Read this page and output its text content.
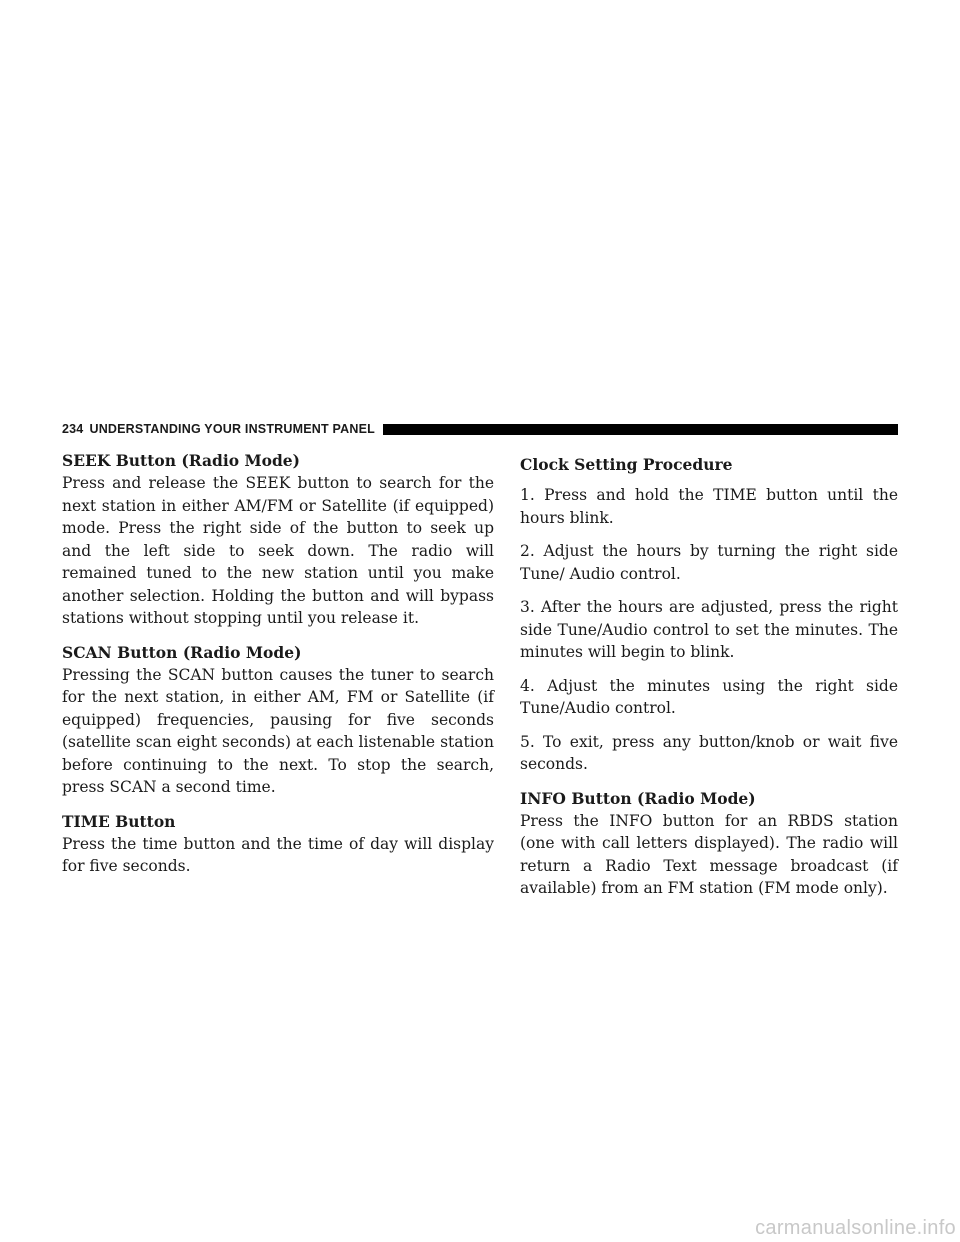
234 UNDERSTANDING YOUR INSTRUMENT PANEL
SEEK Button (Radio Mode)

Press and release the SEEK button to search for the next station in either AM/FM or Satellite (if equipped) mode. Press the right side of the button to seek up and the left side to seek down. The radio will remained tuned to the new station until you make another selection. Holding the button and will bypass stations without stopping until you release it.

SCAN Button (Radio Mode)

Pressing the SCAN button causes the tuner to search for the next station, in either AM, FM or Satellite (if equipped) frequencies, pausing for five seconds (satellite scan eight seconds) at each listenable station before continuing to the next. To stop the search, press SCAN a second time.

TIME Button

Press the time button and the time of day will display for five seconds.

Clock Setting Procedure

1. Press and hold the TIME button until the hours blink.

2. Adjust the hours by turning the right side Tune/ Audio control.

3. After the hours are adjusted, press the right side Tune/Audio control to set the minutes. The minutes will begin to blink.

4. Adjust the minutes using the right side Tune/Audio control.

5. To exit, press any button/knob or wait five seconds.

INFO Button (Radio Mode)

Press the INFO button for an RBDS station (one with call letters displayed). The radio will return a Radio Text message broadcast (if available) from an FM station (FM mode only).

carmanualsonline.info
